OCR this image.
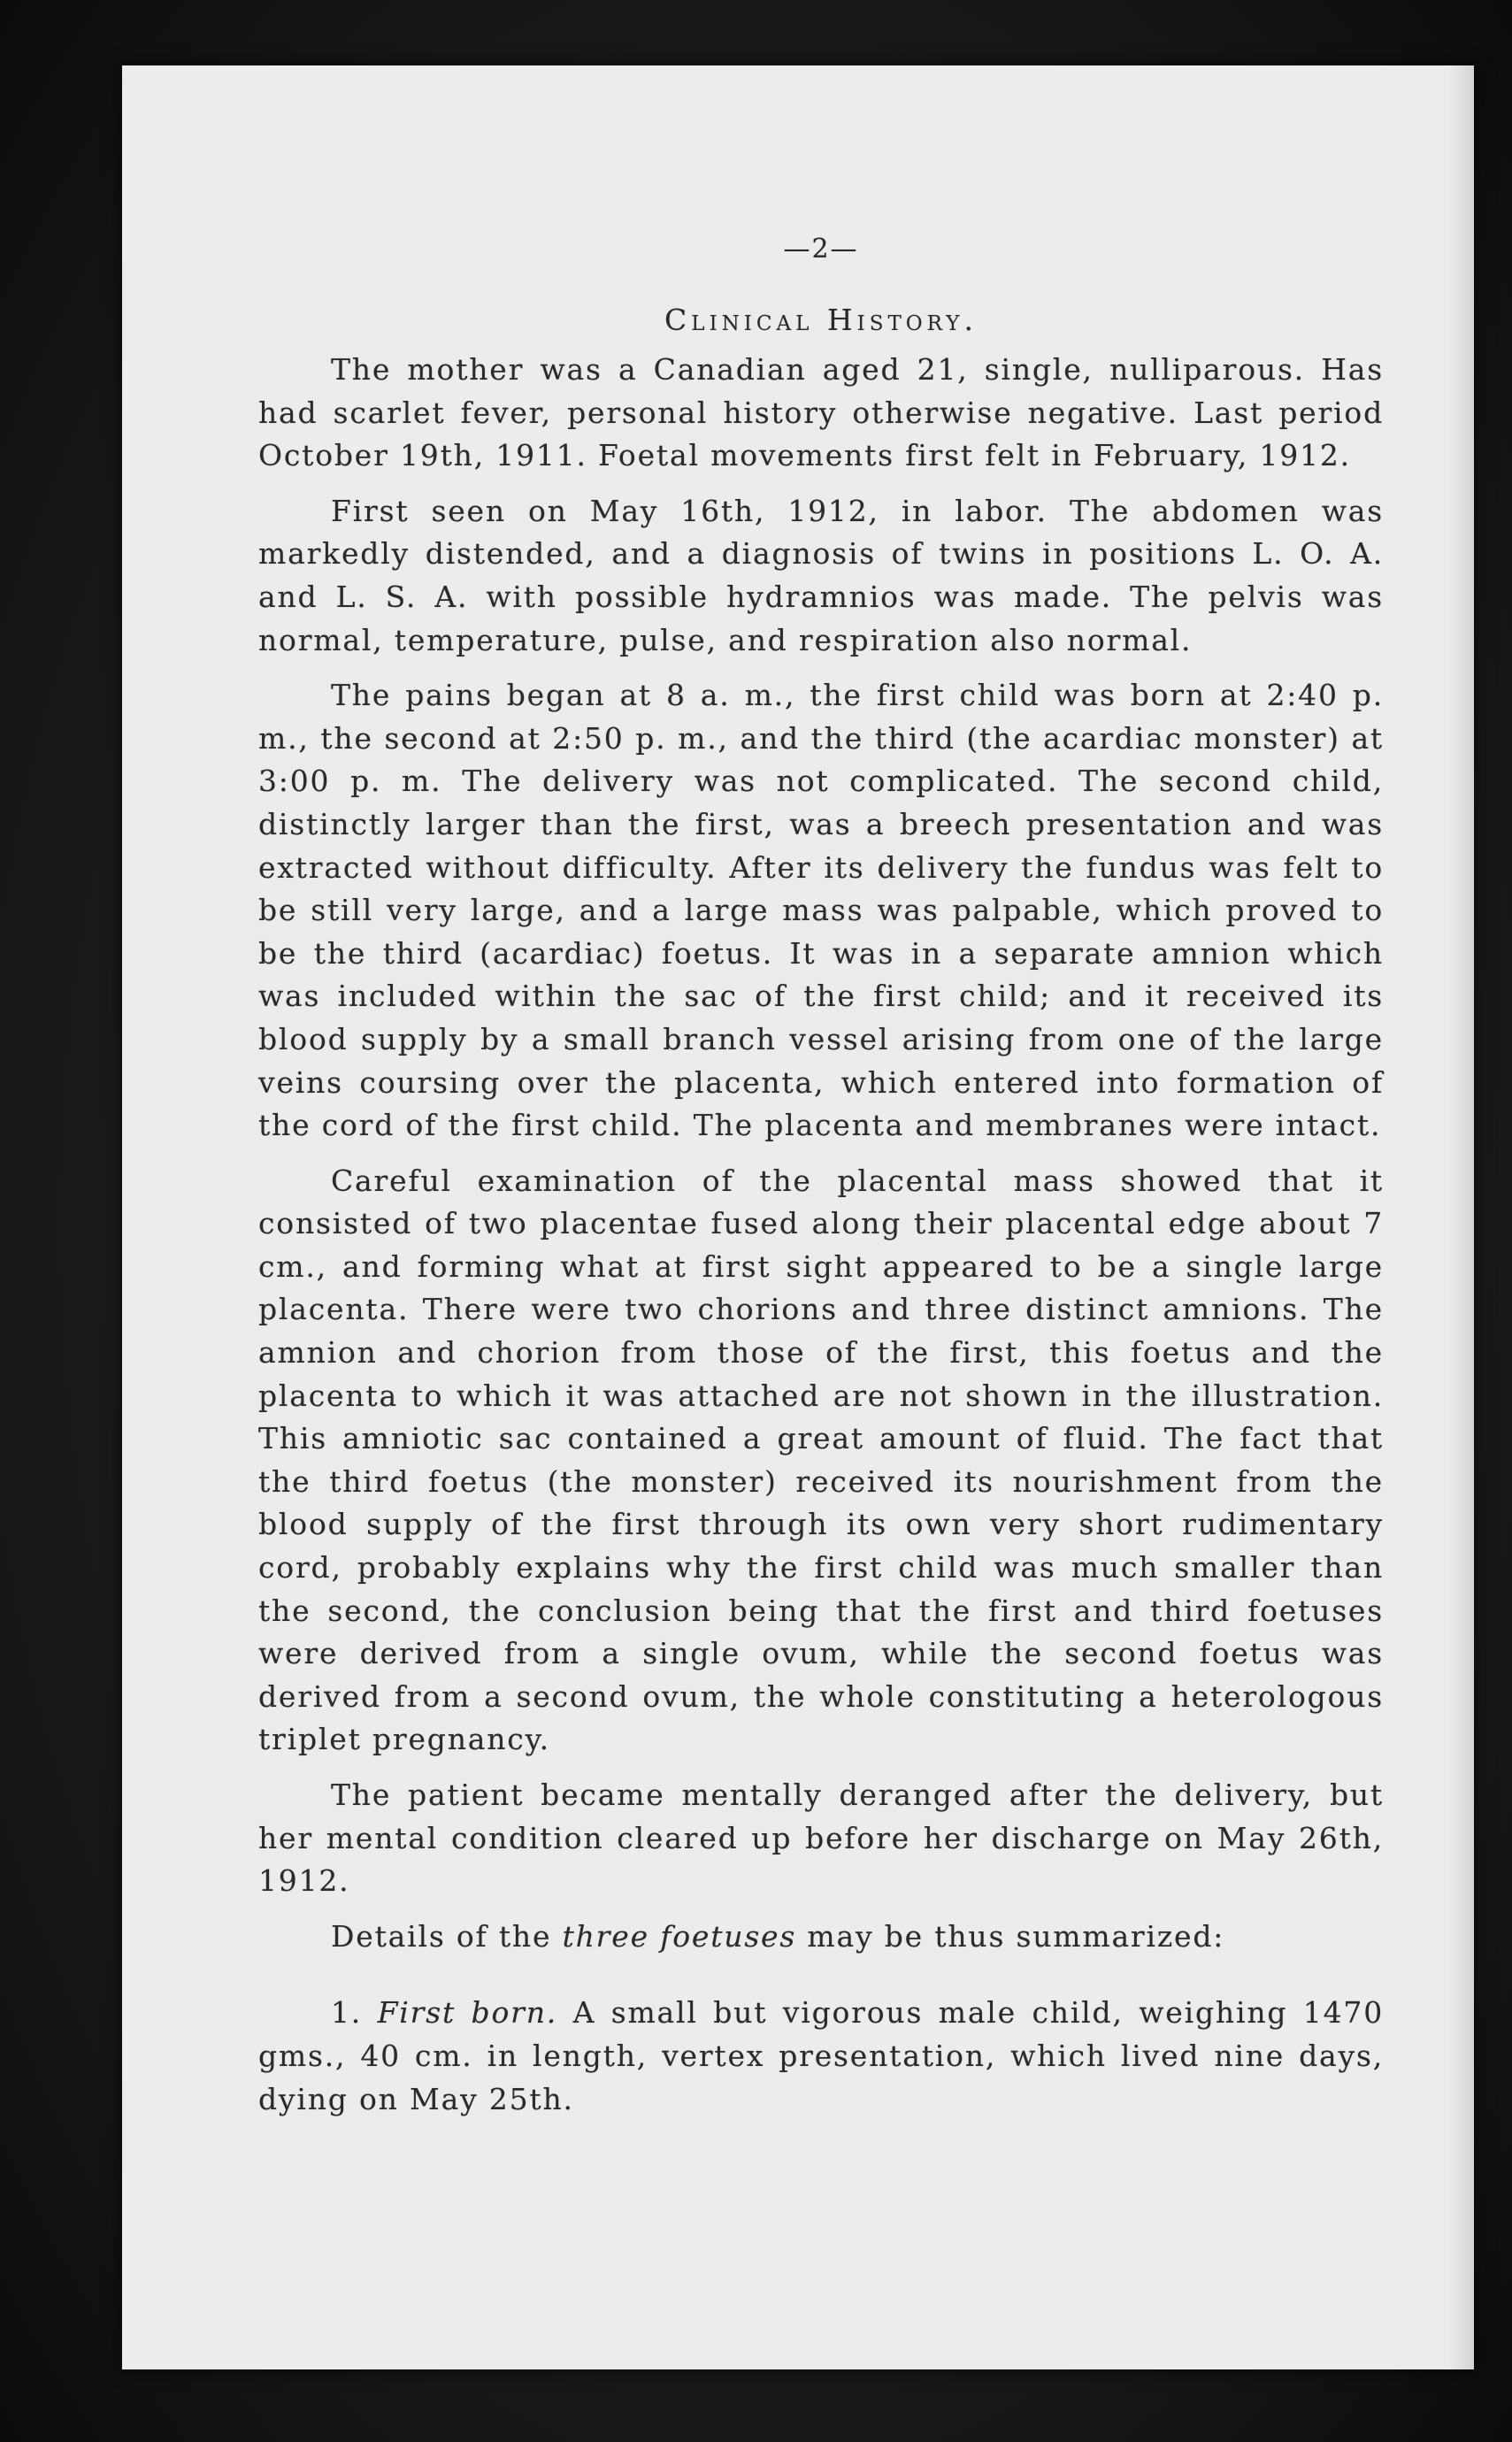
—2—
Clinical History.

The mother was a Canadian aged 21, single, nulliparous. Has had scarlet fever, personal history otherwise negative. Last period October 19th, 1911. Foetal movements first felt in February, 1912.

First seen on May 16th, 1912, in labor. The abdomen was markedly distended, and a diagnosis of twins in positions L. O. A. and L. S. A. with possible hydramnios was made. The pelvis was normal, temperature, pulse, and respiration also normal.

The pains began at 8 a. m., the first child was born at 2:40 p. m., the second at 2:50 p. m., and the third (the acardiac monster) at 3:00 p. m. The delivery was not complicated. The second child, distinctly larger than the first, was a breech presentation and was extracted without difficulty. After its delivery the fundus was felt to be still very large, and a large mass was palpable, which proved to be the third (acardiac) foetus. It was in a separate amnion which was included within the sac of the first child; and it received its blood supply by a small branch vessel arising from one of the large veins coursing over the placenta, which entered into formation of the cord of the first child. The placenta and membranes were intact.

Careful examination of the placental mass showed that it consisted of two placentae fused along their placental edge about 7 cm., and forming what at first sight appeared to be a single large placenta. There were two chorions and three distinct amnions. The amnion and chorion from those of the first, this foetus and the placenta to which it was attached are not shown in the illustration. This amniotic sac contained a great amount of fluid. The fact that the third foetus (the monster) received its nourishment from the blood supply of the first through its own very short rudimentary cord, probably explains why the first child was much smaller than the second, the conclusion being that the first and third foetuses were derived from a single ovum, while the second foetus was derived from a second ovum, the whole constituting a heterologous triplet pregnancy.

The patient became mentally deranged after the delivery, but her mental condition cleared up before her discharge on May 26th, 1912.

Details of the three foetuses may be thus summarized:

1. First born. A small but vigorous male child, weighing 1470 gms., 40 cm. in length, vertex presentation, which lived nine days, dying on May 25th.
